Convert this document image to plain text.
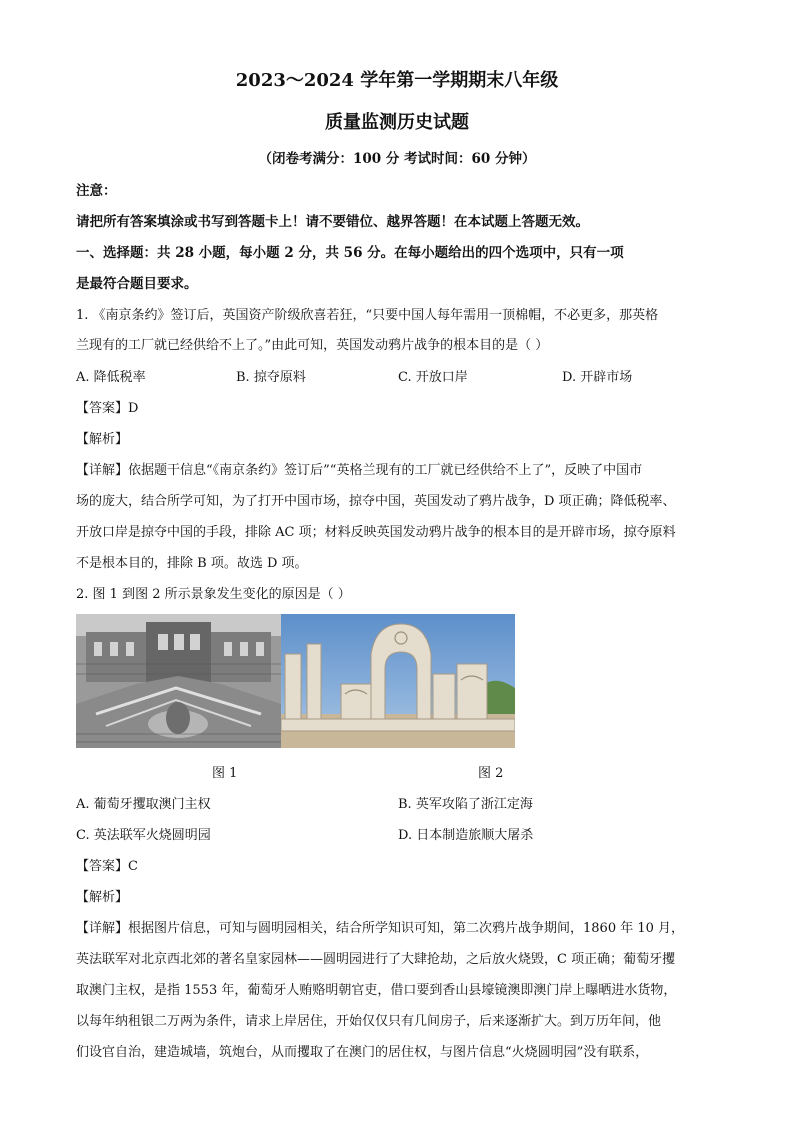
2023～2024 学年第一学期期末八年级
质量监测历史试题
（闭卷考满分：100 分 考试时间：60 分钟）
注意：
请把所有答案填涂或书写到答题卡上！请不要错位、越界答题！在本试题上答题无效。
一、选择题：共 28 小题，每小题 2 分，共 56 分。在每小题给出的四个选项中，只有一项
是最符合题目要求。
1. 《南京条约》签订后，英国资产阶级欣喜若狂，“只要中国人每年需用一顶棉帽，不必更多，那英格
兰现有的工厂就已经供给不上了。”由此可知，英国发动鸦片战争的根本目的是（ ）
A. 降低税率	B. 掠夺原料	C. 开放口岸	D. 开辟市场
【答案】D
【解析】
【详解】依据题干信息“《南京条约》签订后”“英格兰现有的工厂就已经供给不上了”，反映了中国市
场的庞大，结合所学可知，为了打开中国市场，掠夺中国，英国发动了鸦片战争，D 项正确；降低税率、
开放口岸是掠夺中国的手段，排除 AC 项；材料反映英国发动鸦片战争的根本目的是开辟市场，掠夺原料
不是根本目的，排除 B 项。故选 D 项。
2. 图 1 到图 2 所示景象发生变化的原因是（ ）
图 1	图 2
A. 葡萄牙攫取澳门主权	B. 英军攻陷了浙江定海
C. 英法联军火烧圆明园	D. 日本制造旅顺大屠杀
【答案】C
【解析】
【详解】根据图片信息，可知与圆明园相关，结合所学知识可知，第二次鸦片战争期间，1860 年 10 月，
英法联军对北京西北郊的著名皇家园林——圆明园进行了大肆抢劫，之后放火烧毁，C 项正确；葡萄牙攫
取澳门主权，是指 1553 年，葡萄牙人贿赂明朝官吏，借口要到香山县壕镜澳即澳门岸上曝晒进水货物，
以每年纳租银二万两为条件，请求上岸居住，开始仅仅只有几间房子，后来逐渐扩大。到万历年间，他
们设官自治，建造城墙，筑炮台，从而攫取了在澳门的居住权，与图片信息“火烧圆明园”没有联系，
